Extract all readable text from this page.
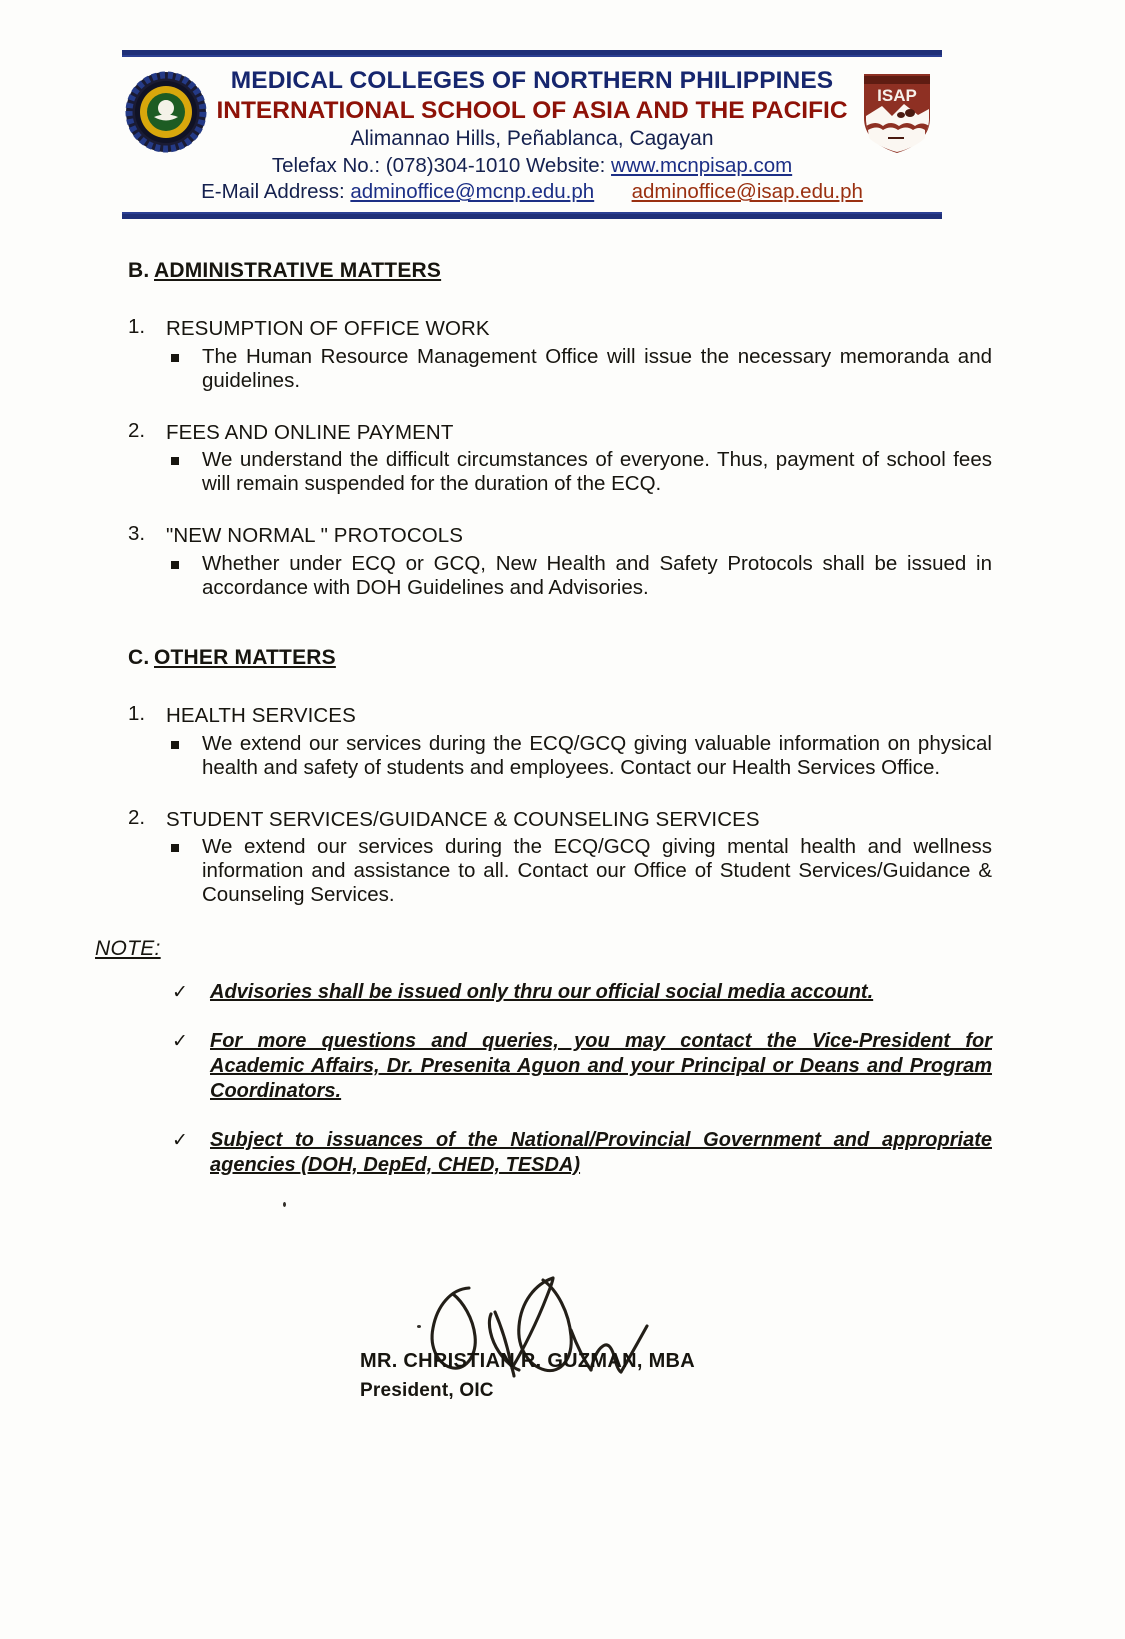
ISAP
MEDICAL COLLEGES OF NORTHERN PHILIPPINES
INTERNATIONAL SCHOOL OF ASIA AND THE PACIFIC
Alimannao Hills, Peñablanca, Cagayan
Telefax No.: (078)304-1010 Website: www.mcnpisap.com
E-Mail Address: adminoffice@mcnp.edu.ph adminoffice@isap.edu.ph
B. ADMINISTRATIVE MATTERS
1. RESUMPTION OF OFFICE WORK
The Human Resource Management Office will issue the necessary memoranda and guidelines.
2. FEES AND ONLINE PAYMENT
We understand the difficult circumstances of everyone. Thus, payment of school fees will remain suspended for the duration of the ECQ.
3. "NEW NORMAL " PROTOCOLS
Whether under ECQ or GCQ, New Health and Safety Protocols shall be issued in accordance with DOH Guidelines and Advisories.
C. OTHER MATTERS
1. HEALTH SERVICES
We extend our services during the ECQ/GCQ giving valuable information on physical health and safety of students and employees. Contact our Health Services Office.
2. STUDENT SERVICES/GUIDANCE & COUNSELING SERVICES
We extend our services during the ECQ/GCQ giving mental health and wellness information and assistance to all. Contact our Office of Student Services/Guidance & Counseling Services.
NOTE:
✓ Advisories shall be issued only thru our official social media account.
✓ For more questions and queries, you may contact the Vice-President for Academic Affairs, Dr. Presenita Aguon and your Principal or Deans and Program Coordinators.
✓ Subject to issuances of the National/Provincial Government and appropriate agencies (DOH, DepEd, CHED, TESDA)
MR. CHRISTIAN R. GUZMAN, MBA
President, OIC
